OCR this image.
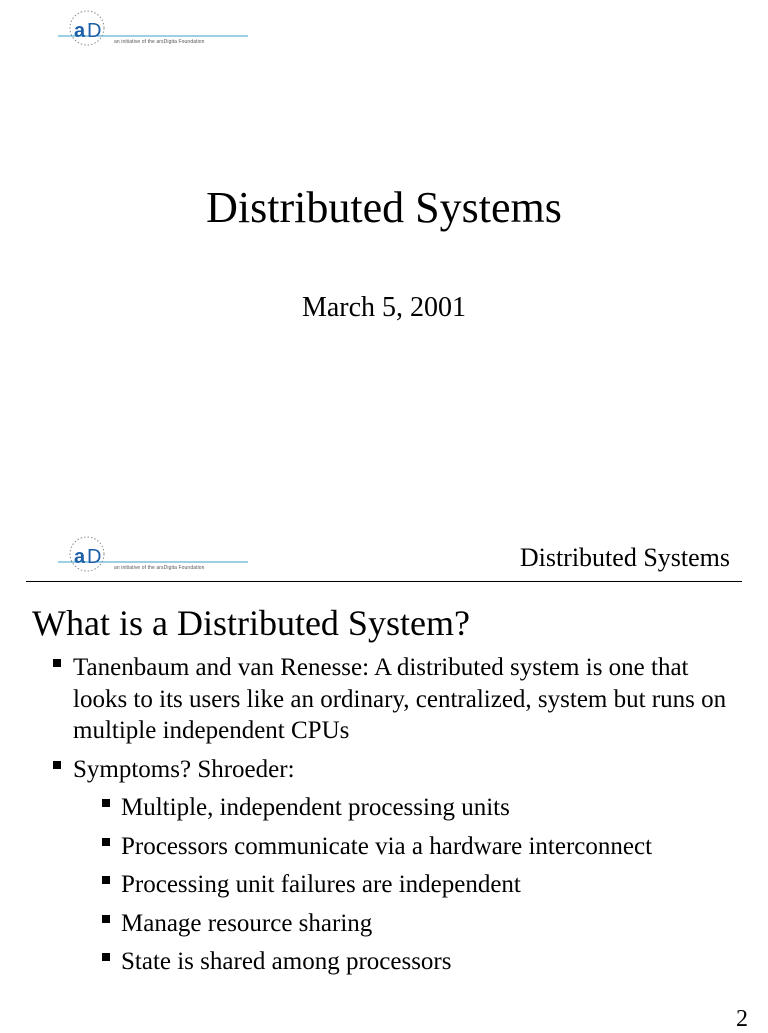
a D	an initiative of the arsDigita Foundation
Distributed Systems
March 5, 2001
a D	an initiative of the arsDigita Foundation	Distributed Systems
What is a Distributed System?
Tanenbaum and van Renesse: A distributed system is one that looks to its users like an ordinary, centralized, system but runs on multiple independent CPUs
Symptoms? Shroeder:
Multiple, independent processing units
Processors communicate via a hardware interconnect
Processing unit failures are independent
Manage resource sharing
State is shared among processors
2
